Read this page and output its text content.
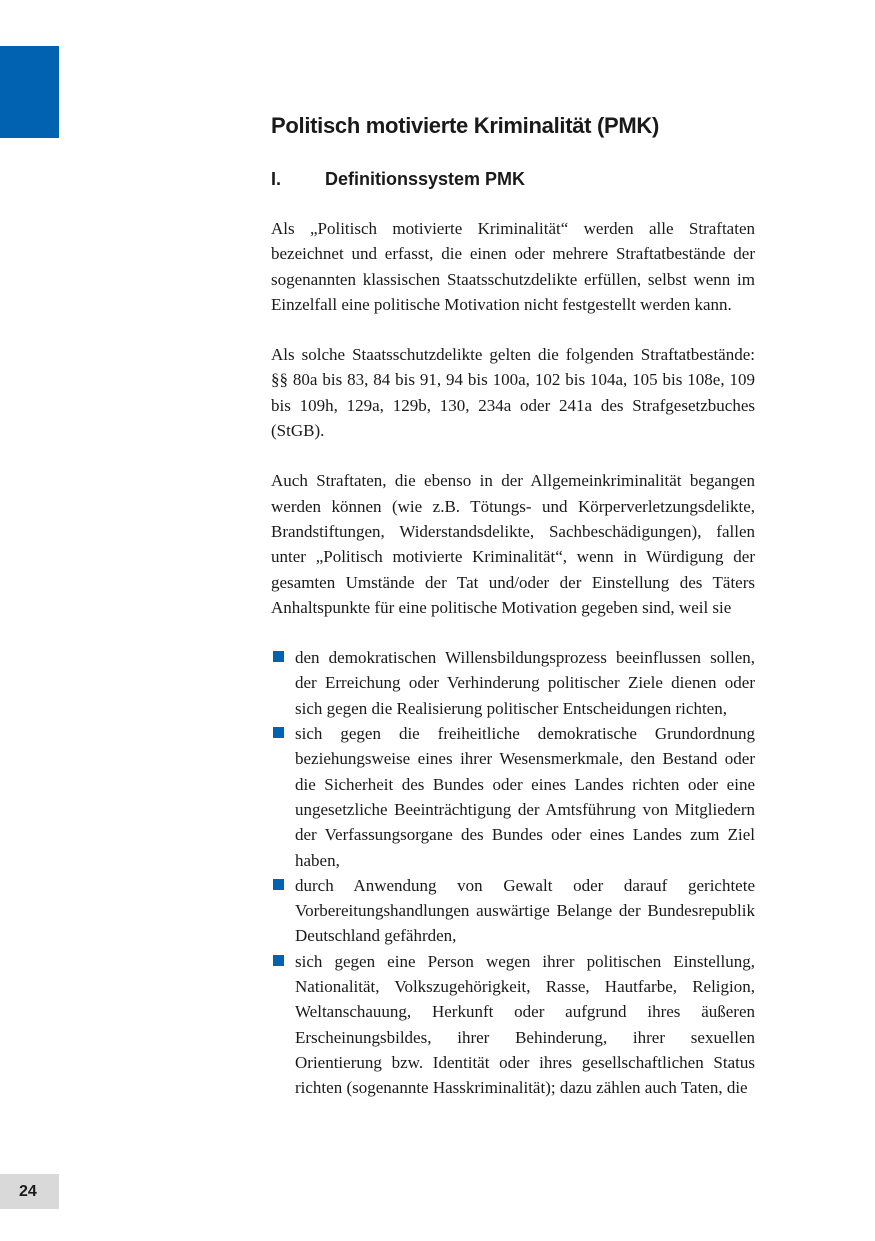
Politisch motivierte Kriminalität (PMK)
I.	Definitionssystem PMK

Als „Politisch motivierte Kriminalität“ werden alle Straftaten bezeichnet und erfasst, die einen oder mehrere Straftatbestände der sogenannten klassischen Staatsschutzdelikte erfüllen, selbst wenn im Einzelfall eine politische Motivation nicht festgestellt werden kann.

Als solche Staatsschutzdelikte gelten die folgenden Straftatbestände: §§ 80a bis 83, 84 bis 91, 94 bis 100a, 102 bis 104a, 105 bis 108e, 109 bis 109h, 129a, 129b, 130, 234a oder 241a des Strafgesetzbuches (StGB).

Auch Straftaten, die ebenso in der Allgemeinkriminalität begangen werden können (wie z.B. Tötungs- und Körperverletzungsdelikte, Brandstiftungen, Widerstandsdelikte, Sachbeschädigungen), fallen unter „Politisch motivierte Kriminalität“, wenn in Würdigung der gesamten Umstände der Tat und/oder der Einstellung des Täters Anhaltspunkte für eine politische Motivation gegeben sind, weil sie

den demokratischen Willensbildungsprozess beeinflussen sollen, der Erreichung oder Verhinderung politischer Ziele dienen oder sich gegen die Realisierung politischer Entscheidungen richten,
sich gegen die freiheitliche demokratische Grundordnung beziehungsweise eines ihrer Wesensmerkmale, den Bestand oder die Sicherheit des Bundes oder eines Landes richten oder eine ungesetzliche Beeinträchtigung der Amtsführung von Mitgliedern der Verfassungsorgane des Bundes oder eines Landes zum Ziel haben,
durch Anwendung von Gewalt oder darauf gerichtete Vorbereitungshandlungen auswärtige Belange der Bundesrepublik Deutschland gefährden,
sich gegen eine Person wegen ihrer politischen Einstellung, Nationalität, Volkszugehörigkeit, Rasse, Hautfarbe, Religion, Weltanschauung, Herkunft oder aufgrund ihres äußeren Erscheinungsbildes, ihrer Behinderung, ihrer sexuellen Orientierung bzw. Identität oder ihres gesellschaftlichen Status richten (sogenannte Hasskriminalität); dazu zählen auch Taten, die
24
